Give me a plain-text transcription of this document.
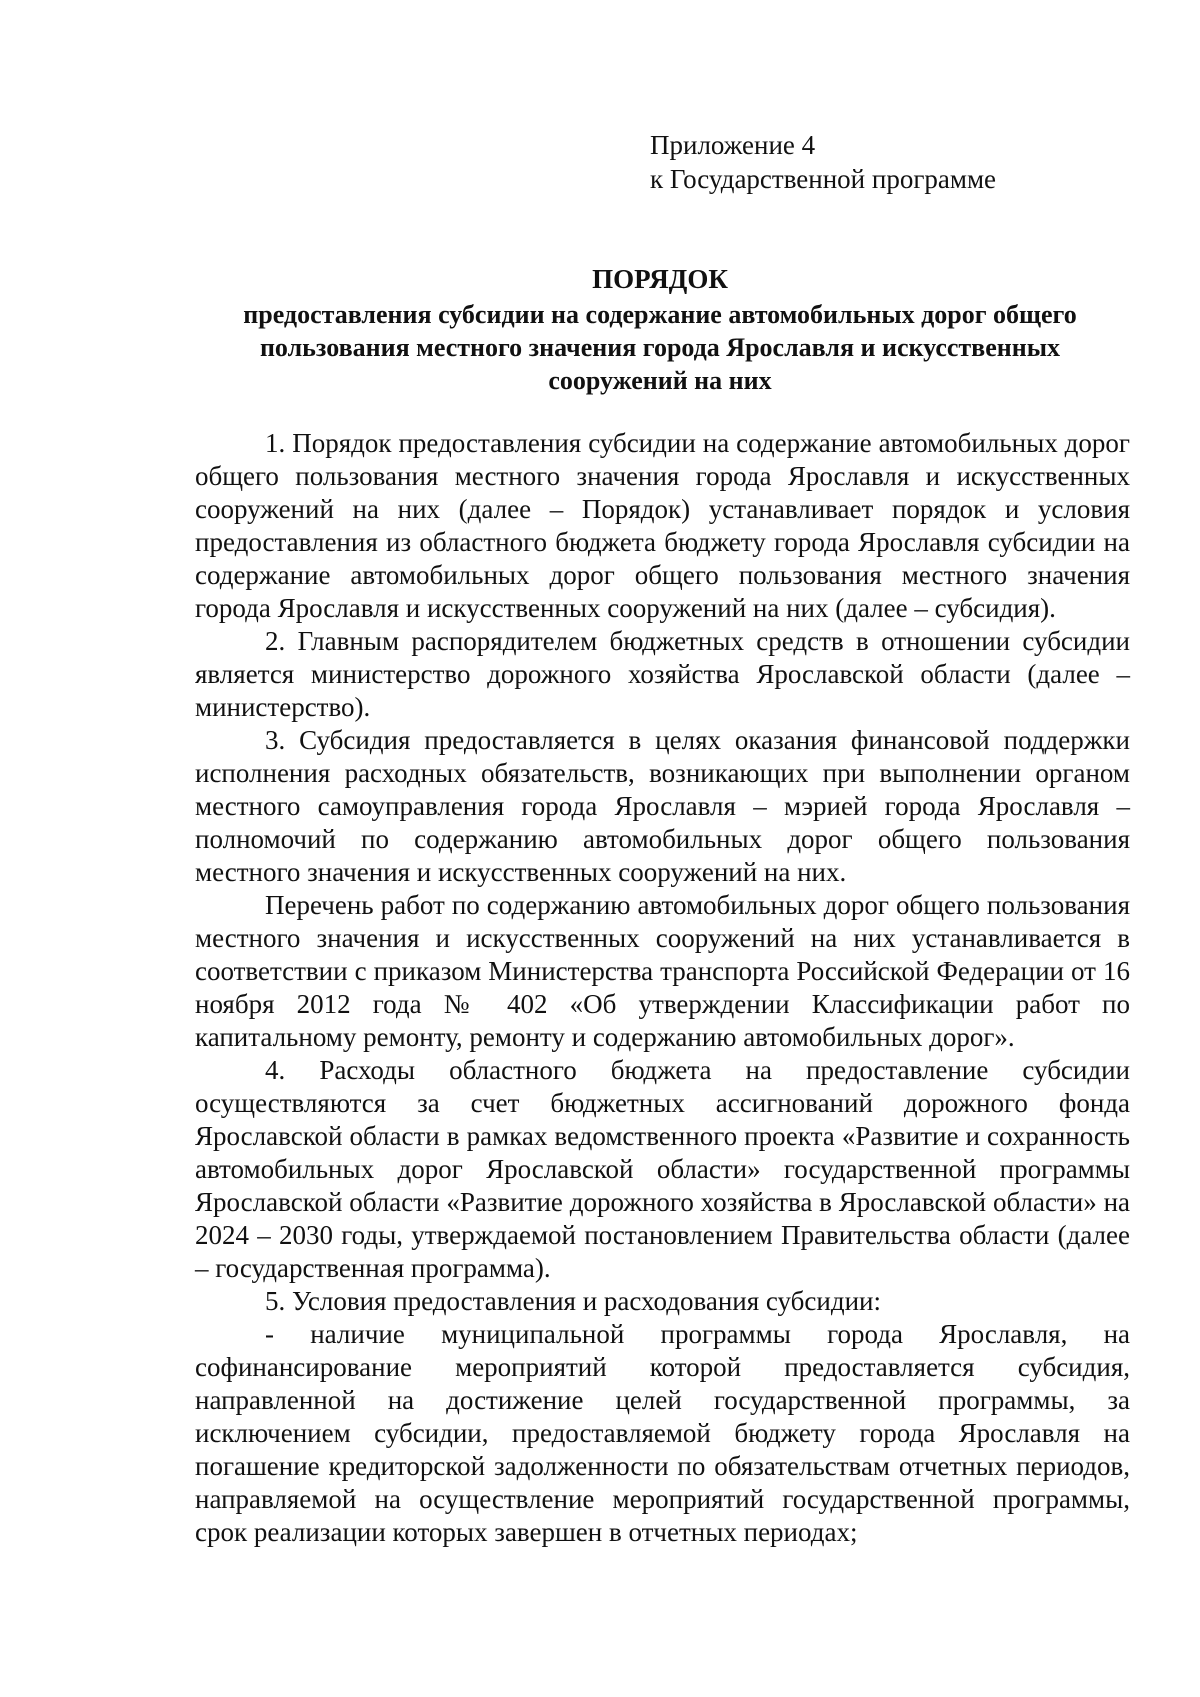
Приложение 4
к Государственной программе
ПОРЯДОК
предоставления субсидии на содержание автомобильных дорог общего пользования местного значения города Ярославля и искусственных сооружений на них

1. Порядок предоставления субсидии на содержание автомобильных дорог общего пользования местного значения города Ярославля и искусственных сооружений на них (далее – Порядок) устанавливает порядок и условия предоставления из областного бюджета бюджету города Ярославля субсидии на содержание автомобильных дорог общего пользования местного значения города Ярославля и искусственных сооружений на них (далее – субсидия).

2. Главным распорядителем бюджетных средств в отношении субсидии является министерство дорожного хозяйства Ярославской области (далее – министерство).

3. Субсидия предоставляется в целях оказания финансовой поддержки исполнения расходных обязательств, возникающих при выполнении органом местного самоуправления города Ярославля – мэрией города Ярославля – полномочий по содержанию автомобильных дорог общего пользования местного значения и искусственных сооружений на них.

Перечень работ по содержанию автомобильных дорог общего пользования местного значения и искусственных сооружений на них устанавливается в соответствии с приказом Министерства транспорта Российской Федерации от 16 ноября 2012 года № 402 «Об утверждении Классификации работ по капитальному ремонту, ремонту и содержанию автомобильных дорог».

4. Расходы областного бюджета на предоставление субсидии осуществляются за счет бюджетных ассигнований дорожного фонда Ярославской области в рамках ведомственного проекта «Развитие и сохранность автомобильных дорог Ярославской области» государственной программы Ярославской области «Развитие дорожного хозяйства в Ярославской области» на 2024 – 2030 годы, утверждаемой постановлением Правительства области (далее – государственная программа).

5. Условия предоставления и расходования субсидии:

- наличие муниципальной программы города Ярославля, на софинансирование мероприятий которой предоставляется субсидия, направленной на достижение целей государственной программы, за исключением субсидии, предоставляемой бюджету города Ярославля на погашение кредиторской задолженности по обязательствам отчетных периодов, направляемой на осуществление мероприятий государственной программы, срок реализации которых завершен в отчетных периодах;
